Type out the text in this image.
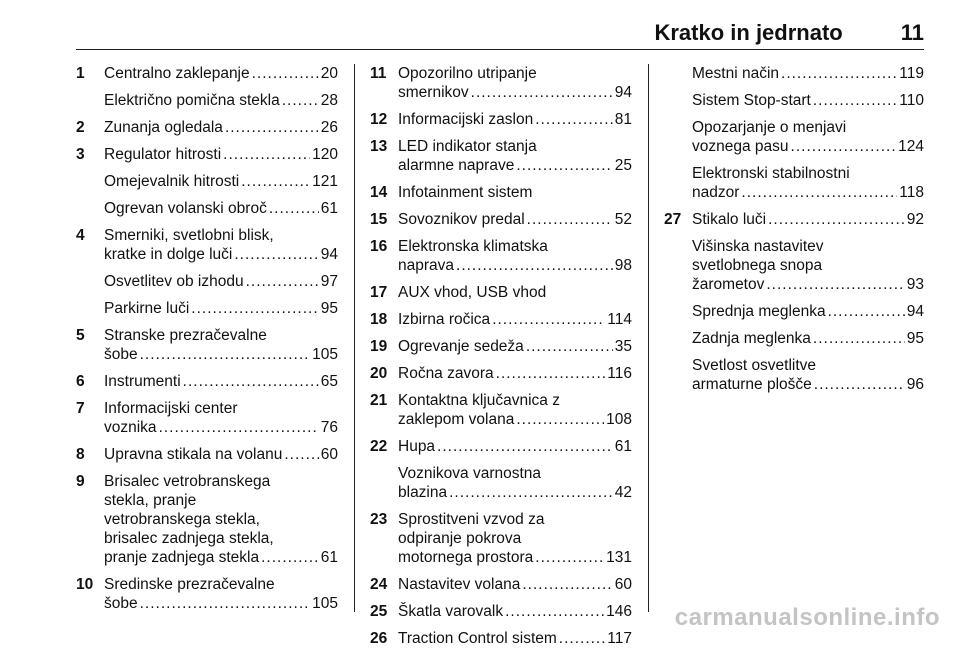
Kratko in jedrnato	11
1	Centralno zaklepanje .....	20
Električno pomična stekla .....	28
2	Zunanja ogledala .....	26
3	Regulator hitrosti .....	120
Omejevalnik hitrosti .....	121
Ogrevan volanski obroč .....	61
4	Smerniki, svetlobni blisk,
kratke in dolge luči .....	94
Osvetlitev ob izhodu .....	97
Parkirne luči .....	95
5	Stranske prezračevalne
šobe .....	105
6	Instrumenti .....	65
7	Informacijski center
voznika .....	76
8	Upravna stikala na volanu ..... 60
9	Brisalec vetrobranskega
stekla, pranje
vetrobranskega stekla,
brisalec zadnjega stekla,
pranje zadnjega stekla .....	61
10 Sredinske prezračevalne
šobe .....	105
11 Opozorilno utripanje
smernikov .....	94
12 Informacijski zaslon .....	81
13 LED indikator stanja
alarmne naprave .....	25
14 Infotainment sistem
15 Sovoznikov predal .....	52
16 Elektronska klimatska
naprava .....	98
17 AUX vhod, USB vhod
18 Izbirna ročica .....	114
19 Ogrevanje sedeža .....	35
20 Ročna zavora .....	116
21 Kontaktna ključavnica z
zaklepom volana .....	108
22 Hupa .....	61
Voznikova varnostna
blazina .....	42
23 Sprostitveni vzvod za
odpiranje pokrova
motornega prostora .....	131
24 Nastavitev volana .....	60
25 Škatla varovalk .....	146
26 Traction Control sistem .....	117
Mestni način .....	119
Sistem Stop-start .....	110
Opozarjanje o menjavi
voznega pasu .....	124
Elektronski stabilnostni
nadzor .....	118
27 Stikalo luči .....	92
Višinska nastavitev
svetlobnega snopa
žarometov .....	93
Sprednja meglenka .....	94
Zadnja meglenka .....	95
Svetlost osvetlitve
armaturne plošče .....	96
carmanualsonline.info
